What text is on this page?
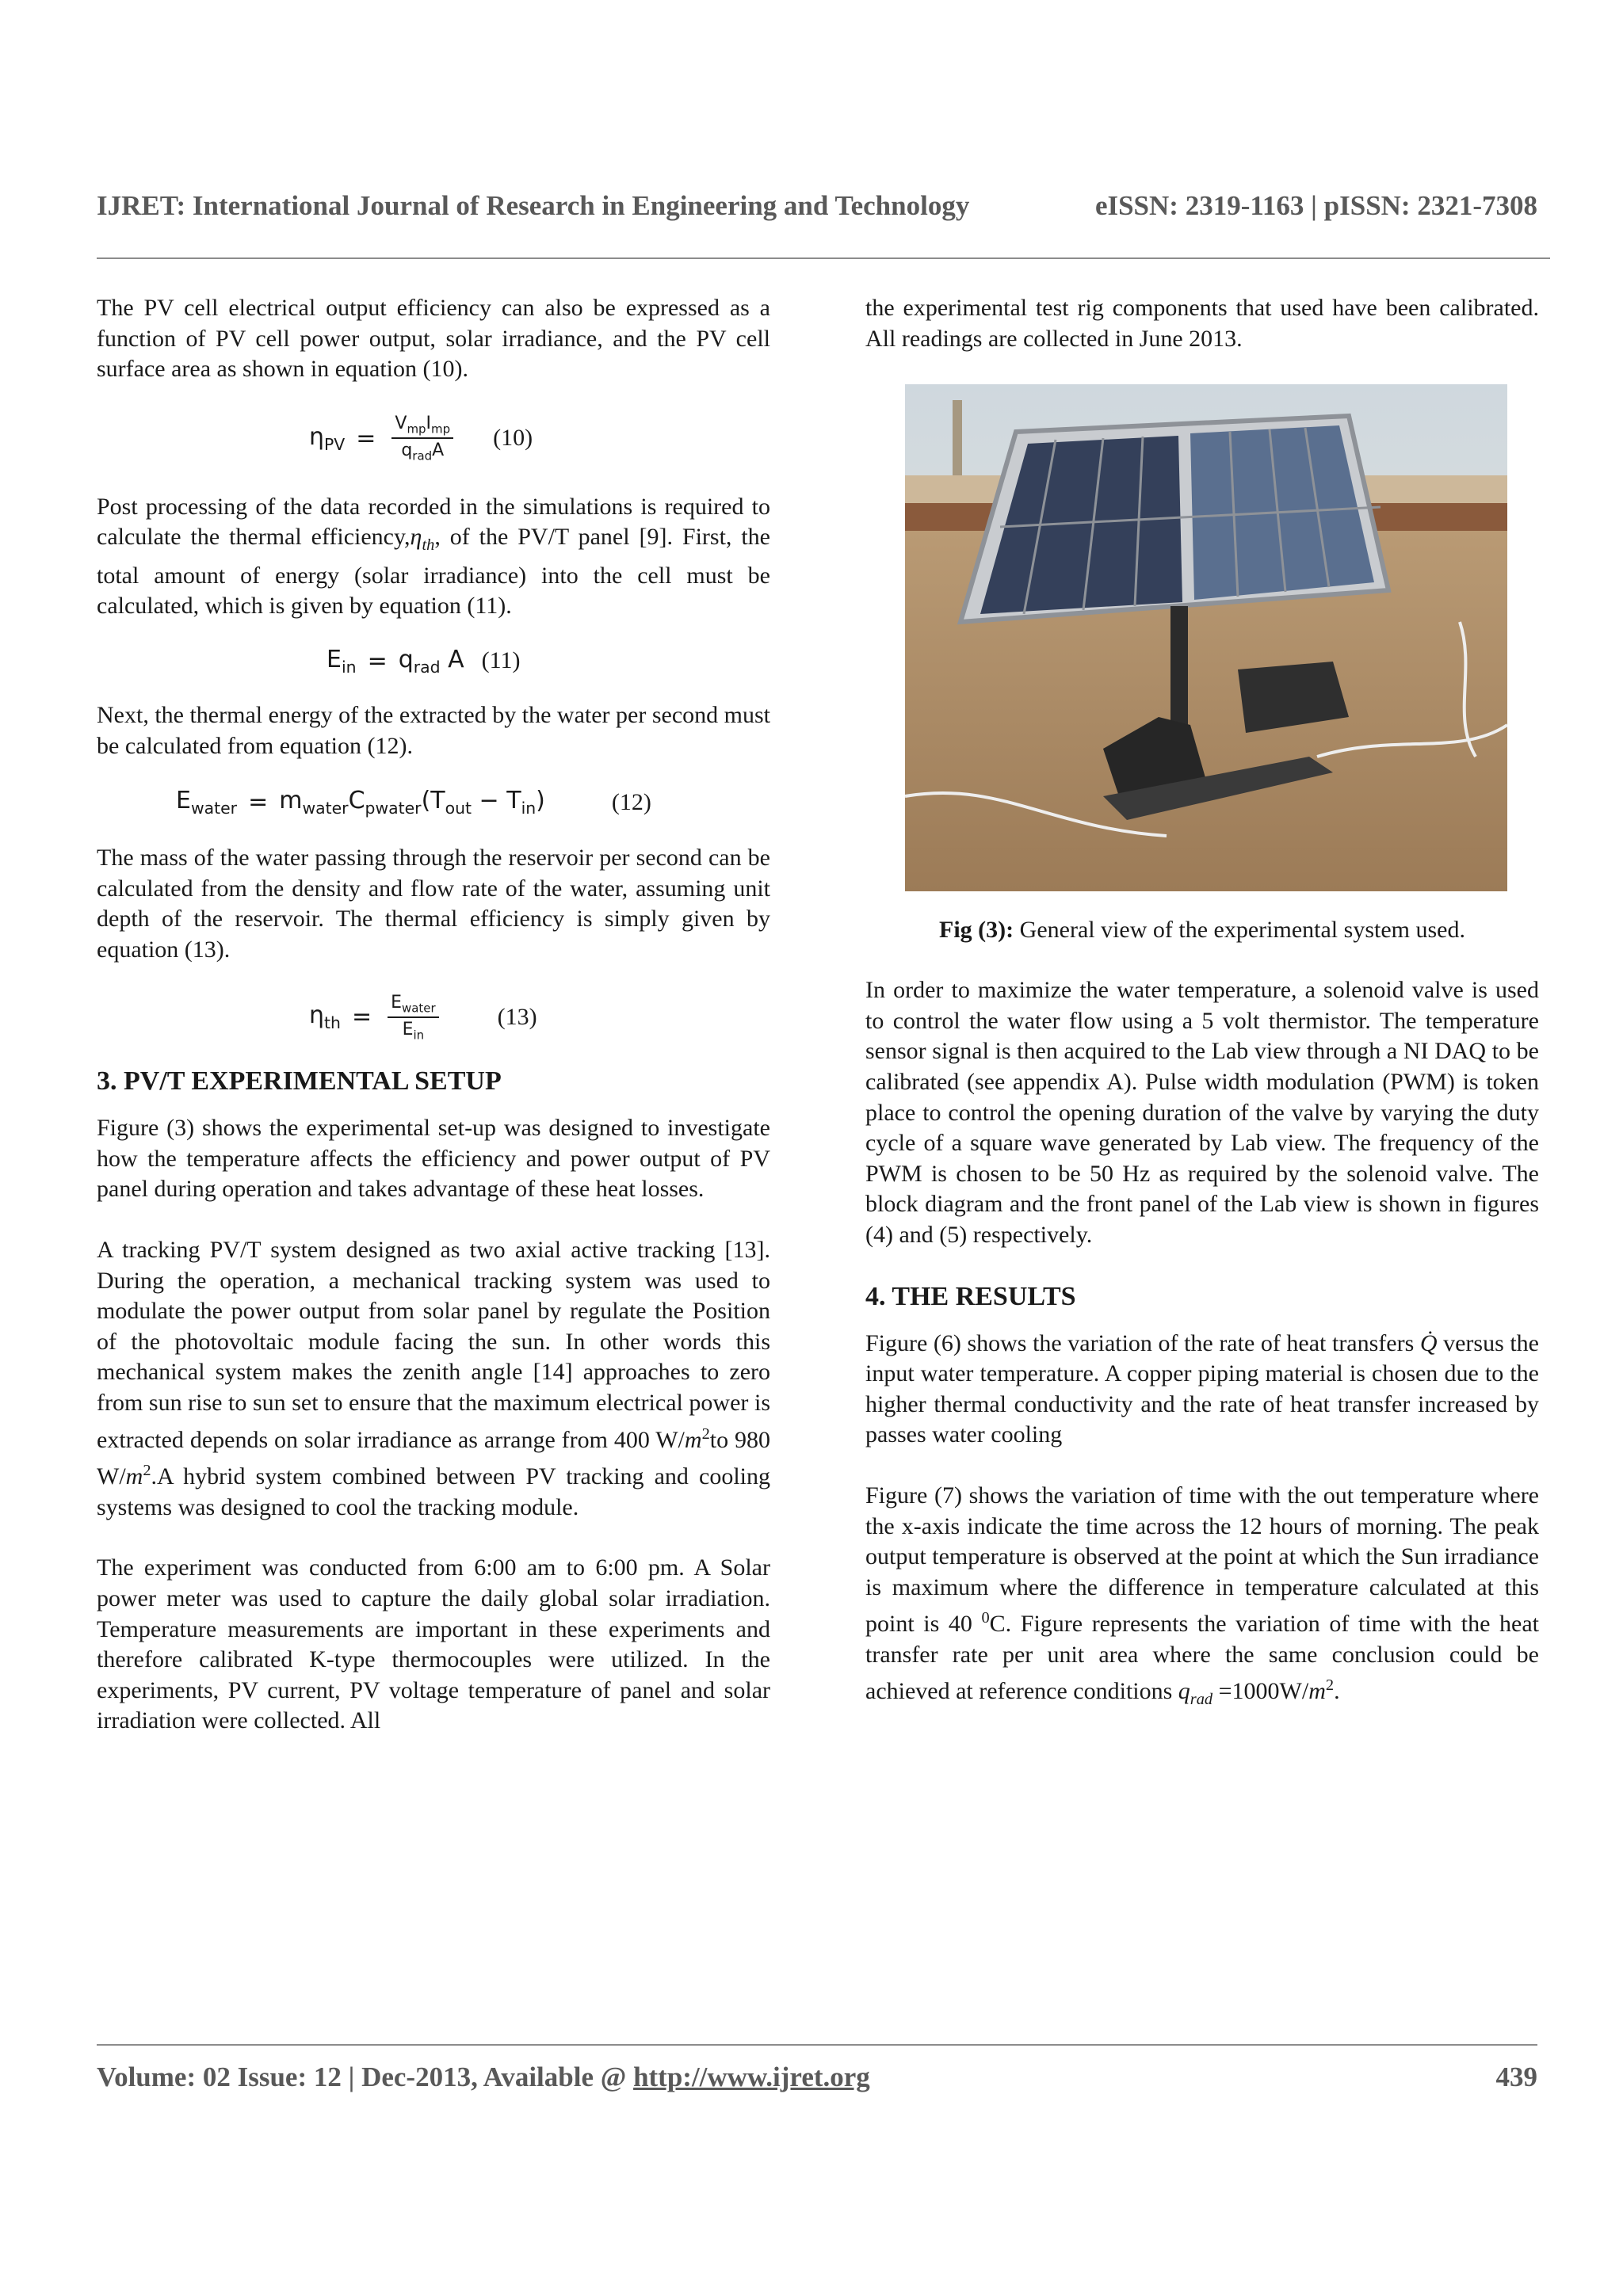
IJRET: International Journal of Research in Engineering and Technology	eISSN: 2319-1163 | pISSN: 2321-7308

The PV cell electrical output efficiency can also be expressed as a function of PV cell power output, solar irradiance, and the PV cell surface area as shown in equation (10).

$\eta_{PV} = \frac{V_{mp}I_{mp}}{q_{rad}A} (10)$

Post processing of the data recorded in the simulations is required to calculate the thermal $efficiency,\eta_{th}$, of the PV/T panel [9]. First, the total amount of energy (solar irradiance) into the cell must be calculated, which is given by equation (11).

$E_{in} = q_{rad}$ A (11)

Next, the thermal energy of the extracted by the water per second must be calculated from equation (12).

$E_{water} = m_{water}C_{pwater}(T_{out} - T_{in})$	(12)

The mass of the water passing through the reservoir per second can be calculated from the density and flow rate of the water, assuming unit depth of the reservoir. The thermal efficiency is simply given by equation (13).

$\eta_{th} = \frac{E_{water}}{E_{in}} (13)$
3. PV/T EXPERIMENTAL SETUP

Figure (3) shows the experimental set-up was designed to investigate how the temperature affects the efficiency and power output of PV panel during operation and takes advantage of these heat losses.

A tracking PV/T system designed as two axial active tracking [13]. During the operation, a mechanical tracking system was used to modulate the power output from solar panel by regulate the Position of the photovoltaic module facing the sun. In other words this mechanical system makes the zenith angle [14] approaches to zero from sun rise to sun set to ensure that the maximum electrical power is extracted depends on solar irradiance as arrange from 400 $W/m^2to$ 980 $W/m^2.A$ hybrid system combined between PV tracking and cooling systems was designed to cool the tracking module.

The experiment was conducted from 6:00 am to 6:00 pm. A Solar power meter was used to capture the daily global solar irradiation. Temperature measurements are important in these experiments and therefore calibrated K-type thermocouples were utilized. In the experiments, PV current, PV voltage temperature of panel and solar irradiation were collected. All

the experimental test rig components that used have been calibrated. All readings are collected in June 2013.

Fig (3): General view of the experimental system used.

In order to maximize the water temperature, a solenoid valve is used to control the water flow using a 5 volt thermistor. The temperature sensor signal is then acquired to the Lab view through a NI DAQ to be calibrated (see appendix A). Pulse width modulation (PWM) is token place to control the opening duration of the valve by varying the duty cycle of a square wave generated by Lab view. The frequency of the PWM is chosen to be 50 Hz as required by the solenoid valve. The block diagram and the front panel of the Lab view is shown in figures (4) and (5) respectively.

4. THE RESULTS

Figure (6) shows the variation of the rate of heat transfers Q̇ versus the input water temperature. A copper piping material is chosen due to the higher thermal conductivity and the rate of heat transfer increased by passes water cooling

Figure (7) shows the variation of time with the out temperature where the x-axis indicate the time across the 12 hours of morning. The peak output temperature is observed at the point at which the Sun irradiance is maximum where the difference in temperature calculated at this point is 40 $^0$C. Figure represents the variation of time with the heat transfer rate per unit area where the same conclusion could be achieved at reference conditions $q_{rad} =1000W/m^2$.

Volume: 02 Issue: 12 | Dec-2013, Available @ http://www.ijret.org	439
